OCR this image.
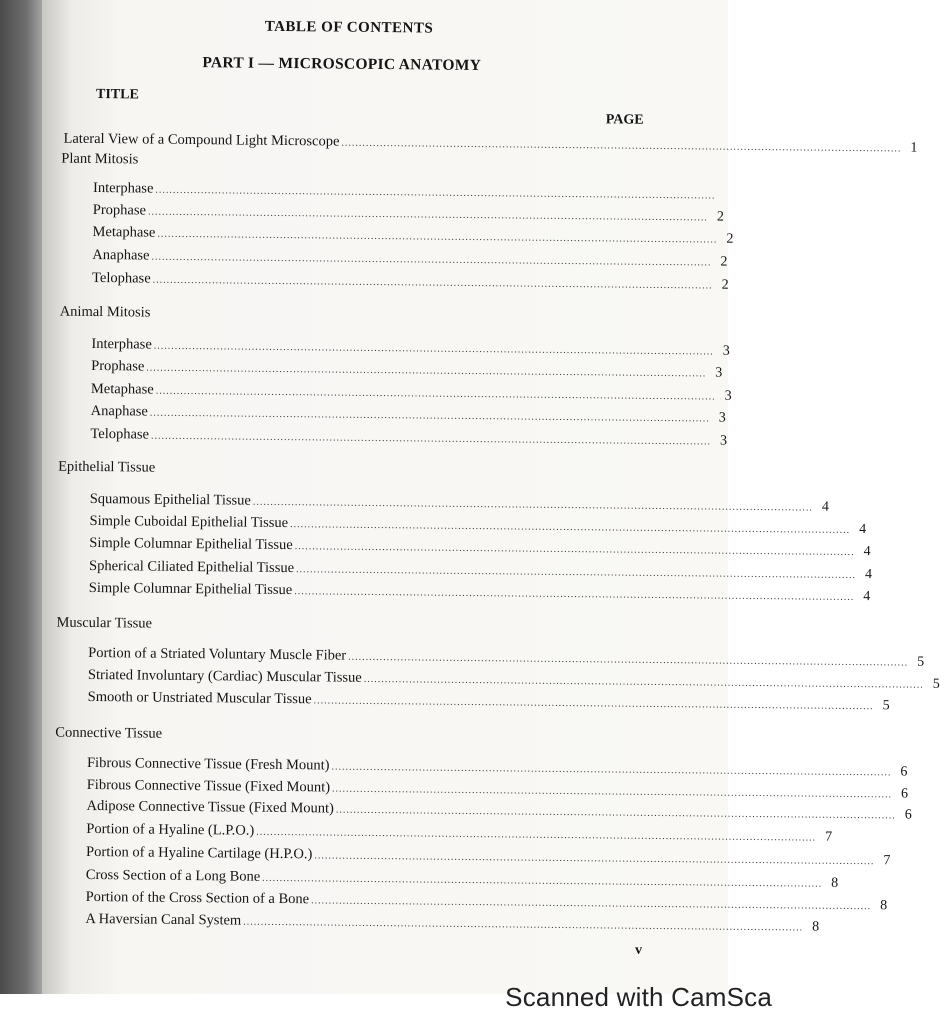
TABLE OF CONTENTS
PART I — MICROSCOPIC ANATOMY
TITLE
PAGE
Lateral View of a Compound Light Microscope ................................................................................................................................................................ 1
Plant Mitosis
Interphase ................................................................................................................................................................
Prophase ................................................................................................................................................................ 2
Metaphase ................................................................................................................................................................ 2
Anaphase ................................................................................................................................................................ 2
Telophase ................................................................................................................................................................ 2
Animal Mitosis
Interphase ................................................................................................................................................................ 3
Prophase ................................................................................................................................................................ 3
Metaphase ................................................................................................................................................................ 3
Anaphase ................................................................................................................................................................ 3
Telophase ................................................................................................................................................................ 3
Epithelial Tissue
Squamous Epithelial Tissue ................................................................................................................................................................ 4
Simple Cuboidal Epithelial Tissue ................................................................................................................................................................ 4
Simple Columnar Epithelial Tissue ................................................................................................................................................................ 4
Spherical Ciliated Epithelial Tissue ................................................................................................................................................................ 4
Simple Columnar Epithelial Tissue ................................................................................................................................................................ 4
Muscular Tissue
Portion of a Striated Voluntary Muscle Fiber ................................................................................................................................................................ 5
Striated Involuntary (Cardiac) Muscular Tissue ................................................................................................................................................................ 5
Smooth or Unstriated Muscular Tissue ................................................................................................................................................................ 5
Connective Tissue
Fibrous Connective Tissue (Fresh Mount) ................................................................................................................................................................ 6
Fibrous Connective Tissue (Fixed Mount) ................................................................................................................................................................ 6
Adipose Connective Tissue (Fixed Mount) ................................................................................................................................................................ 6
Portion of a Hyaline (L.P.O.) ................................................................................................................................................................ 7
Portion of a Hyaline Cartilage (H.P.O.) ................................................................................................................................................................ 7
Cross Section of a Long Bone ................................................................................................................................................................ 8
Portion of the Cross Section of a Bone ................................................................................................................................................................ 8
A Haversian Canal System ................................................................................................................................................................ 8
v
Scanned with CamSca
